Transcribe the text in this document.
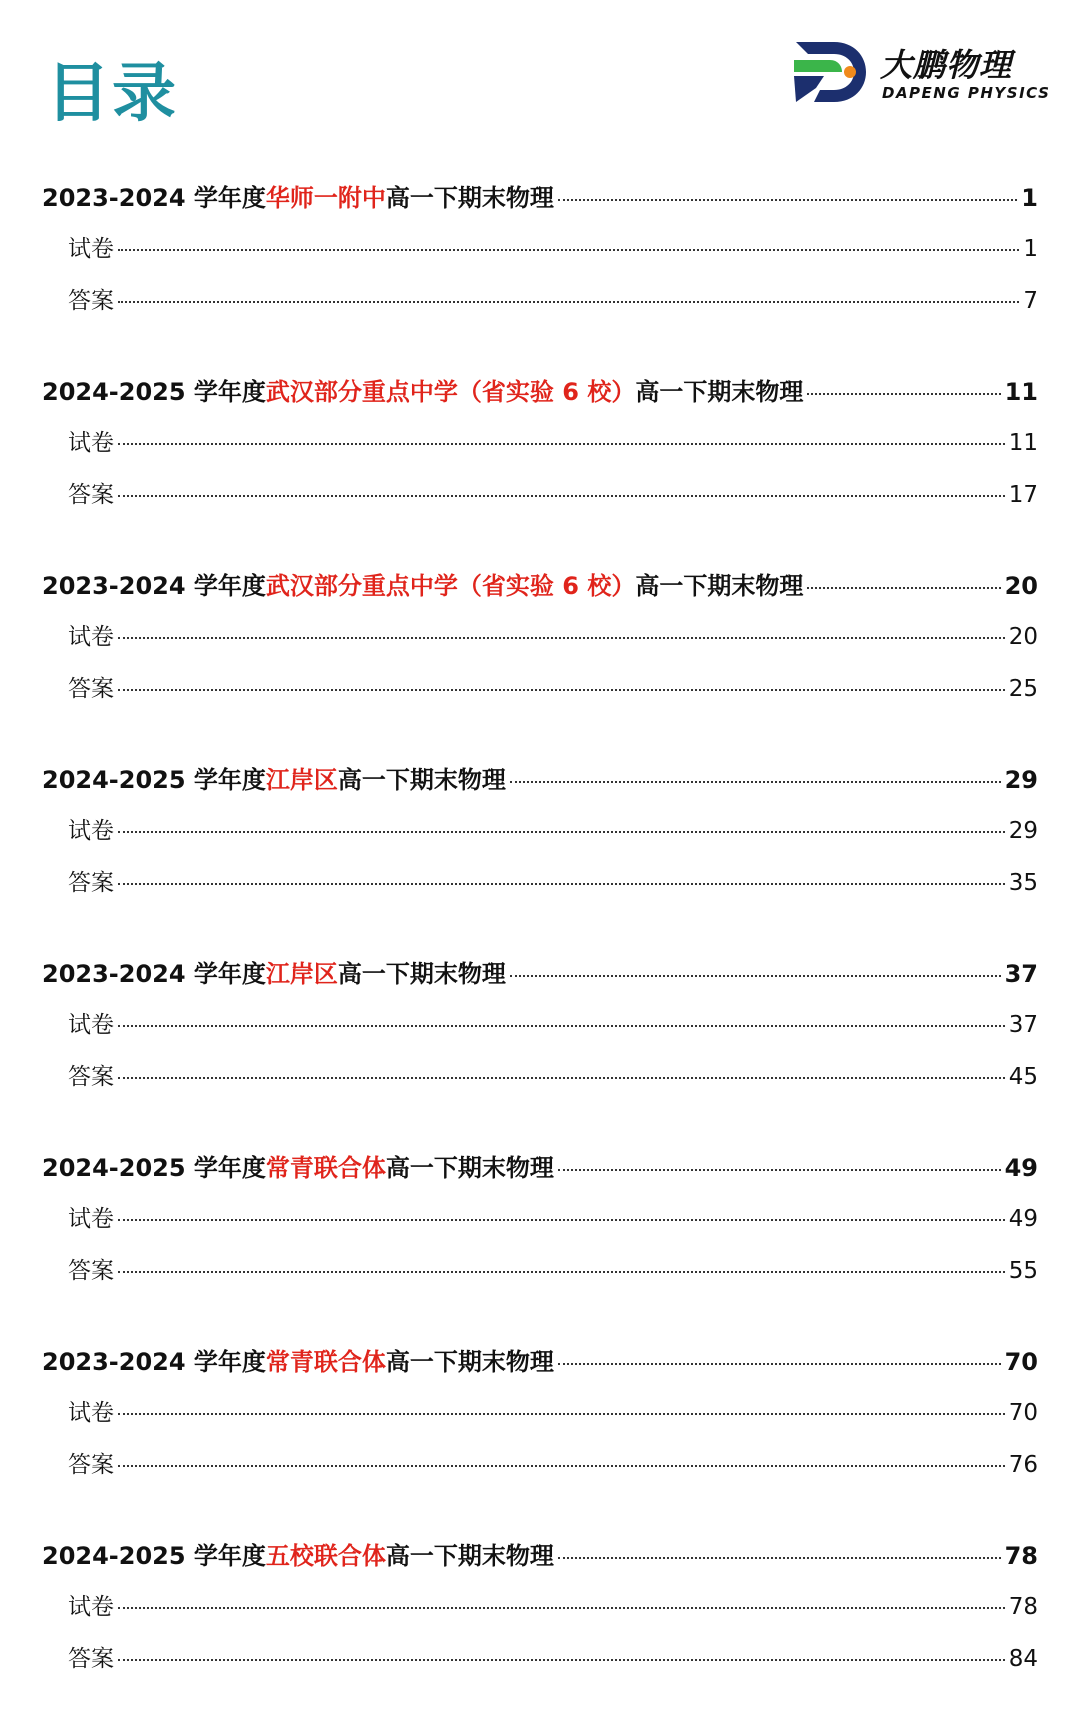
目录	大鹏物理
DAPENG PHYSICS
2023-2024 学年度华师一附中高一下期末物理	1
试卷	1
答案	7
2024-2025 学年度武汉部分重点中学（省实验 6 校）高一下期末物理	11
试卷	11
答案	17
2023-2024 学年度武汉部分重点中学（省实验 6 校）高一下期末物理	20
试卷	20
答案	25
2024-2025 学年度江岸区高一下期末物理	29
试卷	29
答案	35
2023-2024 学年度江岸区高一下期末物理	37
试卷	37
答案	45
2024-2025 学年度常青联合体高一下期末物理	49
试卷	49
答案	55
2023-2024 学年度常青联合体高一下期末物理	70
试卷	70
答案	76
2024-2025 学年度五校联合体高一下期末物理	78
试卷	78
答案	84
